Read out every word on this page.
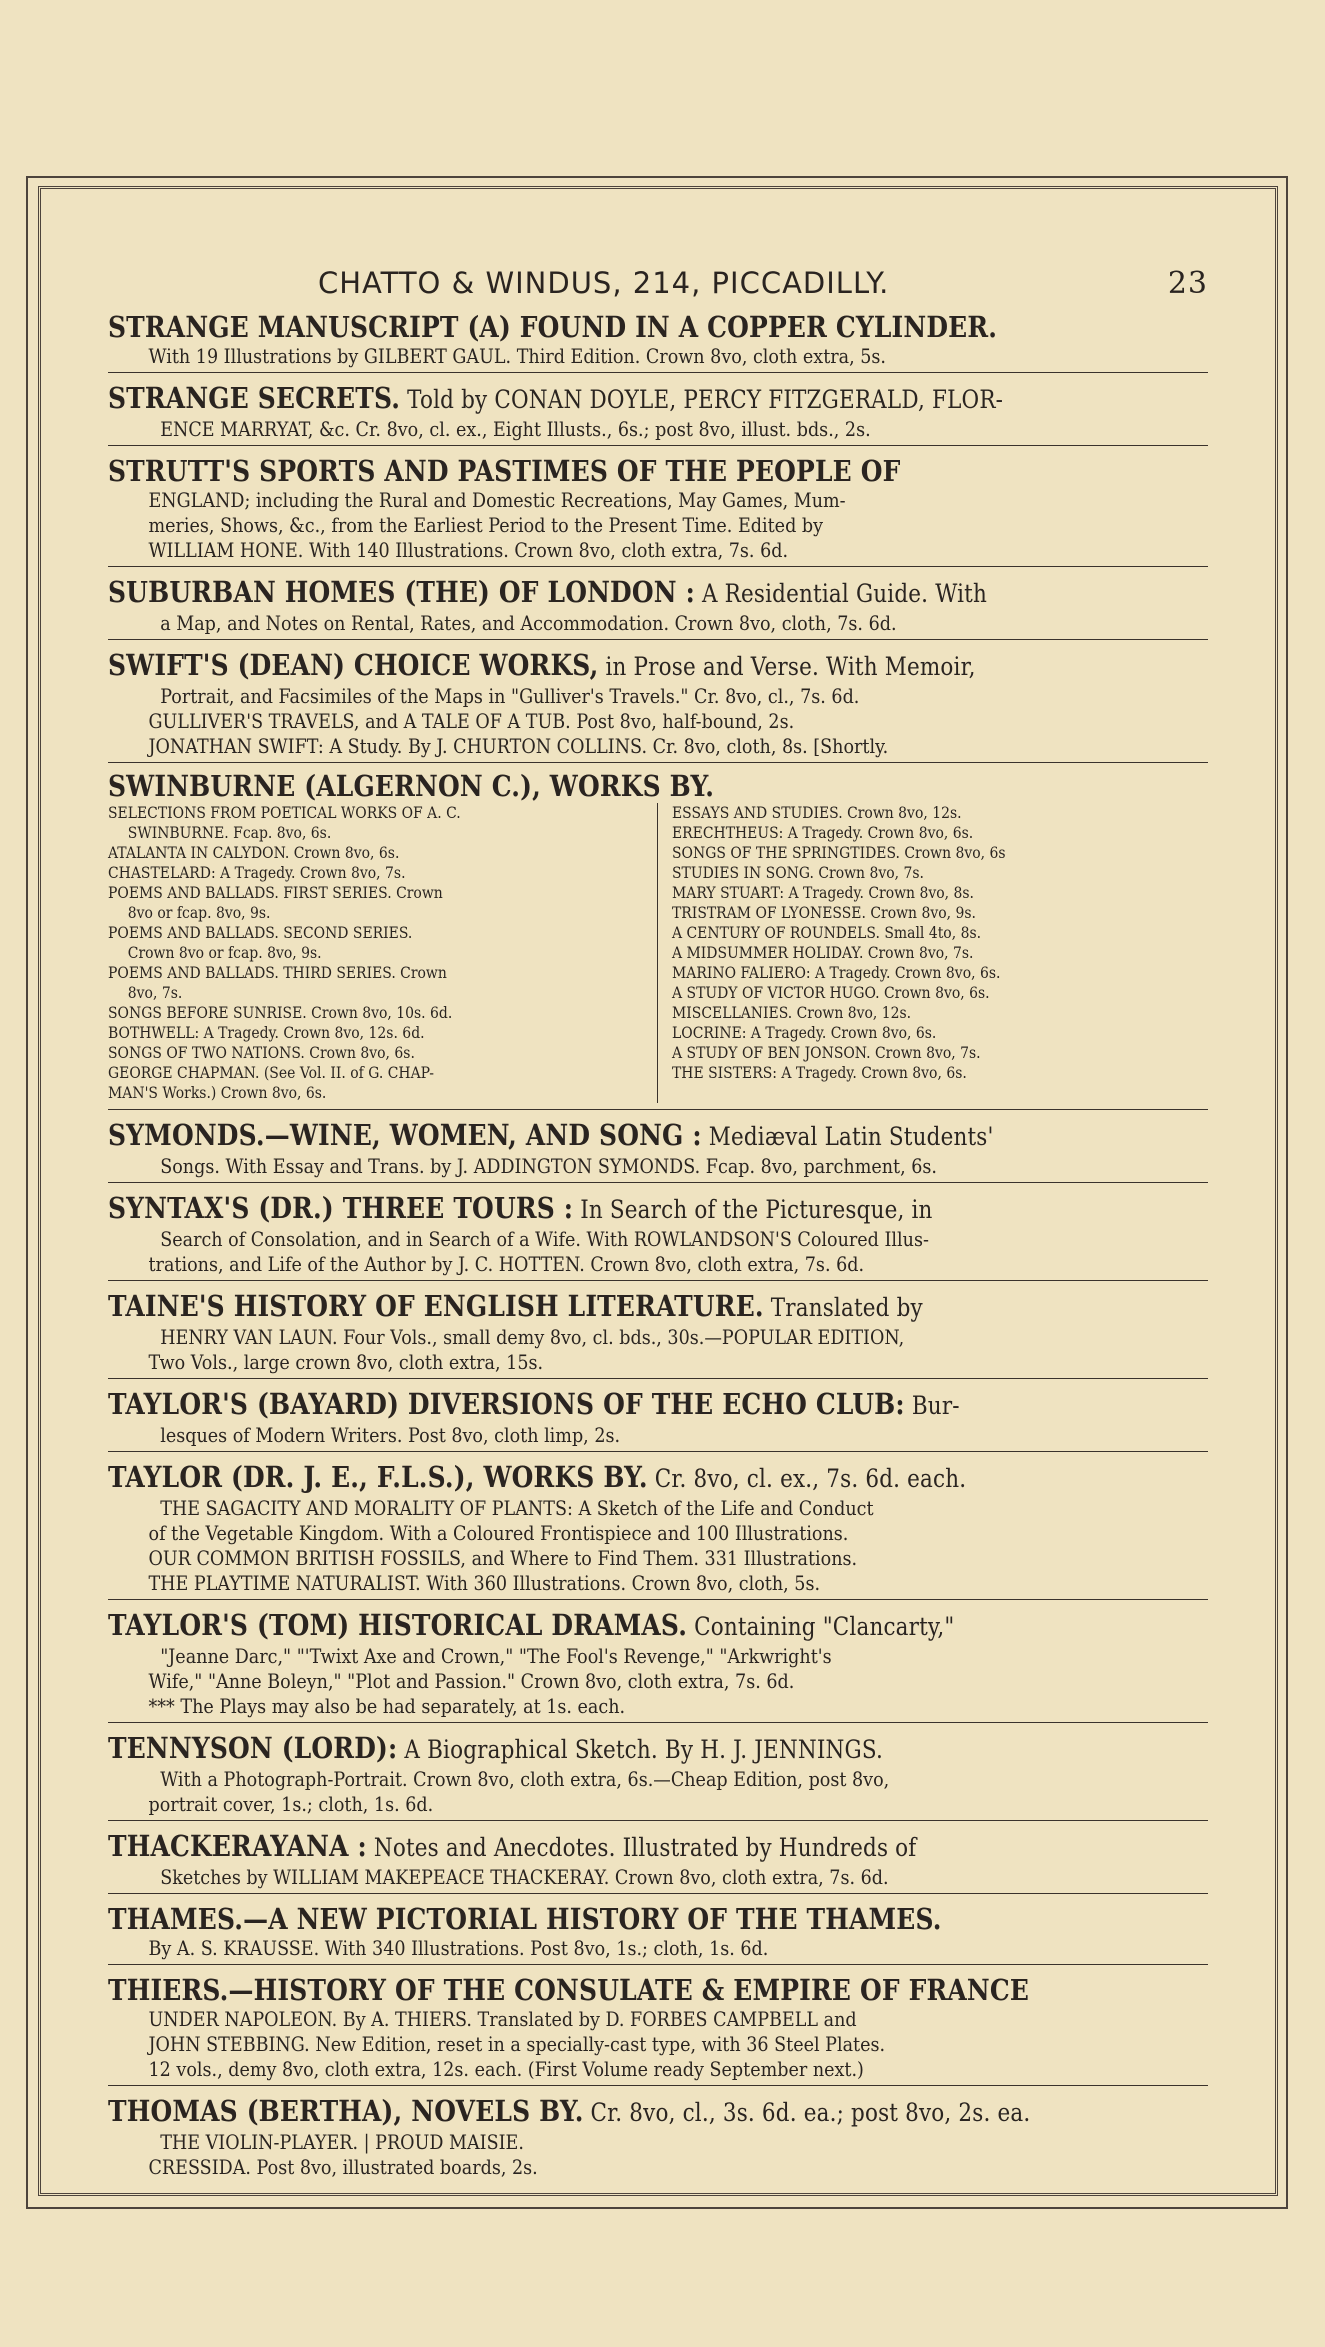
CHATTO & WINDUS, 214, PICCADILLY.	23
STRANGE MANUSCRIPT (A) FOUND IN A COPPER CYLINDER.
With 19 Illustrations by GILBERT GAUL. Third Edition. Crown 8vo, cloth extra, 5s.
STRANGE SECRETS. Told by CONAN DOYLE, PERCY FITZGERALD, FLOR-
ENCE MARRYAT, &c. Cr. 8vo, cl. ex., Eight Illusts., 6s.; post 8vo, illust. bds., 2s.
STRUTT'S SPORTS AND PASTIMES OF THE PEOPLE OF
ENGLAND; including the Rural and Domestic Recreations, May Games, Mum-
meries, Shows, &c., from the Earliest Period to the Present Time. Edited by
WILLIAM HONE. With 140 Illustrations. Crown 8vo, cloth extra, 7s. 6d.
SUBURBAN HOMES (THE) OF LONDON : A Residential Guide. With
a Map, and Notes on Rental, Rates, and Accommodation. Crown 8vo, cloth, 7s. 6d.
SWIFT'S (DEAN) CHOICE WORKS, in Prose and Verse. With Memoir,
Portrait, and Facsimiles of the Maps in "Gulliver's Travels." Cr. 8vo, cl., 7s. 6d.
GULLIVER'S TRAVELS, and A TALE OF A TUB. Post 8vo, half-bound, 2s.
JONATHAN SWIFT: A Study. By J. CHURTON COLLINS. Cr. 8vo, cloth, 8s. [Shortly.
SWINBURNE (ALGERNON C.), WORKS BY.
SELECTIONS FROM POETICAL WORKS OF A. C.
SWINBURNE. Fcap. 8vo, 6s.
ATALANTA IN CALYDON. Crown 8vo, 6s.
CHASTELARD: A Tragedy. Crown 8vo, 7s.
POEMS AND BALLADS. FIRST SERIES. Crown
8vo or fcap. 8vo, 9s.
POEMS AND BALLADS. SECOND SERIES.
Crown 8vo or fcap. 8vo, 9s.
POEMS AND BALLADS. THIRD SERIES. Crown
8vo, 7s.
SONGS BEFORE SUNRISE. Crown 8vo, 10s. 6d.
BOTHWELL: A Tragedy. Crown 8vo, 12s. 6d.
SONGS OF TWO NATIONS. Crown 8vo, 6s.
GEORGE CHAPMAN. (See Vol. II. of G. CHAP-
MAN'S Works.) Crown 8vo, 6s.
ESSAYS AND STUDIES. Crown 8vo, 12s.
ERECHTHEUS: A Tragedy. Crown 8vo, 6s.
SONGS OF THE SPRINGTIDES. Crown 8vo, 6s
STUDIES IN SONG. Crown 8vo, 7s.
MARY STUART: A Tragedy. Crown 8vo, 8s.
TRISTRAM OF LYONESSE. Crown 8vo, 9s.
A CENTURY OF ROUNDELS. Small 4to, 8s.
A MIDSUMMER HOLIDAY. Crown 8vo, 7s.
MARINO FALIERO: A Tragedy. Crown 8vo, 6s.
A STUDY OF VICTOR HUGO. Crown 8vo, 6s.
MISCELLANIES. Crown 8vo, 12s.
LOCRINE: A Tragedy. Crown 8vo, 6s.
A STUDY OF BEN JONSON. Crown 8vo, 7s.
THE SISTERS: A Tragedy. Crown 8vo, 6s.
SYMONDS.—WINE, WOMEN, AND SONG : Mediæval Latin Students'
Songs. With Essay and Trans. by J. ADDINGTON SYMONDS. Fcap. 8vo, parchment, 6s.
SYNTAX'S (DR.) THREE TOURS : In Search of the Picturesque, in
Search of Consolation, and in Search of a Wife. With ROWLANDSON'S Coloured Illus-
trations, and Life of the Author by J. C. HOTTEN. Crown 8vo, cloth extra, 7s. 6d.
TAINE'S HISTORY OF ENGLISH LITERATURE. Translated by
HENRY VAN LAUN. Four Vols., small demy 8vo, cl. bds., 30s.—POPULAR EDITION,
Two Vols., large crown 8vo, cloth extra, 15s.
TAYLOR'S (BAYARD) DIVERSIONS OF THE ECHO CLUB: Bur-
lesques of Modern Writers. Post 8vo, cloth limp, 2s.
TAYLOR (DR. J. E., F.L.S.), WORKS BY. Cr. 8vo, cl. ex., 7s. 6d. each.
THE SAGACITY AND MORALITY OF PLANTS: A Sketch of the Life and Conduct
of the Vegetable Kingdom. With a Coloured Frontispiece and 100 Illustrations.
OUR COMMON BRITISH FOSSILS, and Where to Find Them. 331 Illustrations.
THE PLAYTIME NATURALIST. With 360 Illustrations. Crown 8vo, cloth, 5s.
TAYLOR'S (TOM) HISTORICAL DRAMAS. Containing "Clancarty,"
"Jeanne Darc," "'Twixt Axe and Crown," "The Fool's Revenge," "Arkwright's
Wife," "Anne Boleyn," "Plot and Passion." Crown 8vo, cloth extra, 7s. 6d.
*** The Plays may also be had separately, at 1s. each.
TENNYSON (LORD): A Biographical Sketch. By H. J. JENNINGS.
With a Photograph-Portrait. Crown 8vo, cloth extra, 6s.—Cheap Edition, post 8vo,
portrait cover, 1s.; cloth, 1s. 6d.
THACKERAYANA : Notes and Anecdotes. Illustrated by Hundreds of
Sketches by WILLIAM MAKEPEACE THACKERAY. Crown 8vo, cloth extra, 7s. 6d.
THAMES.—A NEW PICTORIAL HISTORY OF THE THAMES.
By A. S. KRAUSSE. With 340 Illustrations. Post 8vo, 1s.; cloth, 1s. 6d.
THIERS.—HISTORY OF THE CONSULATE & EMPIRE OF FRANCE
UNDER NAPOLEON. By A. THIERS. Translated by D. FORBES CAMPBELL and
JOHN STEBBING. New Edition, reset in a specially-cast type, with 36 Steel Plates.
12 vols., demy 8vo, cloth extra, 12s. each. (First Volume ready September next.)
THOMAS (BERTHA), NOVELS BY. Cr. 8vo, cl., 3s. 6d. ea.; post 8vo, 2s. ea.
THE VIOLIN-PLAYER. | PROUD MAISIE.
CRESSIDA. Post 8vo, illustrated boards, 2s.
